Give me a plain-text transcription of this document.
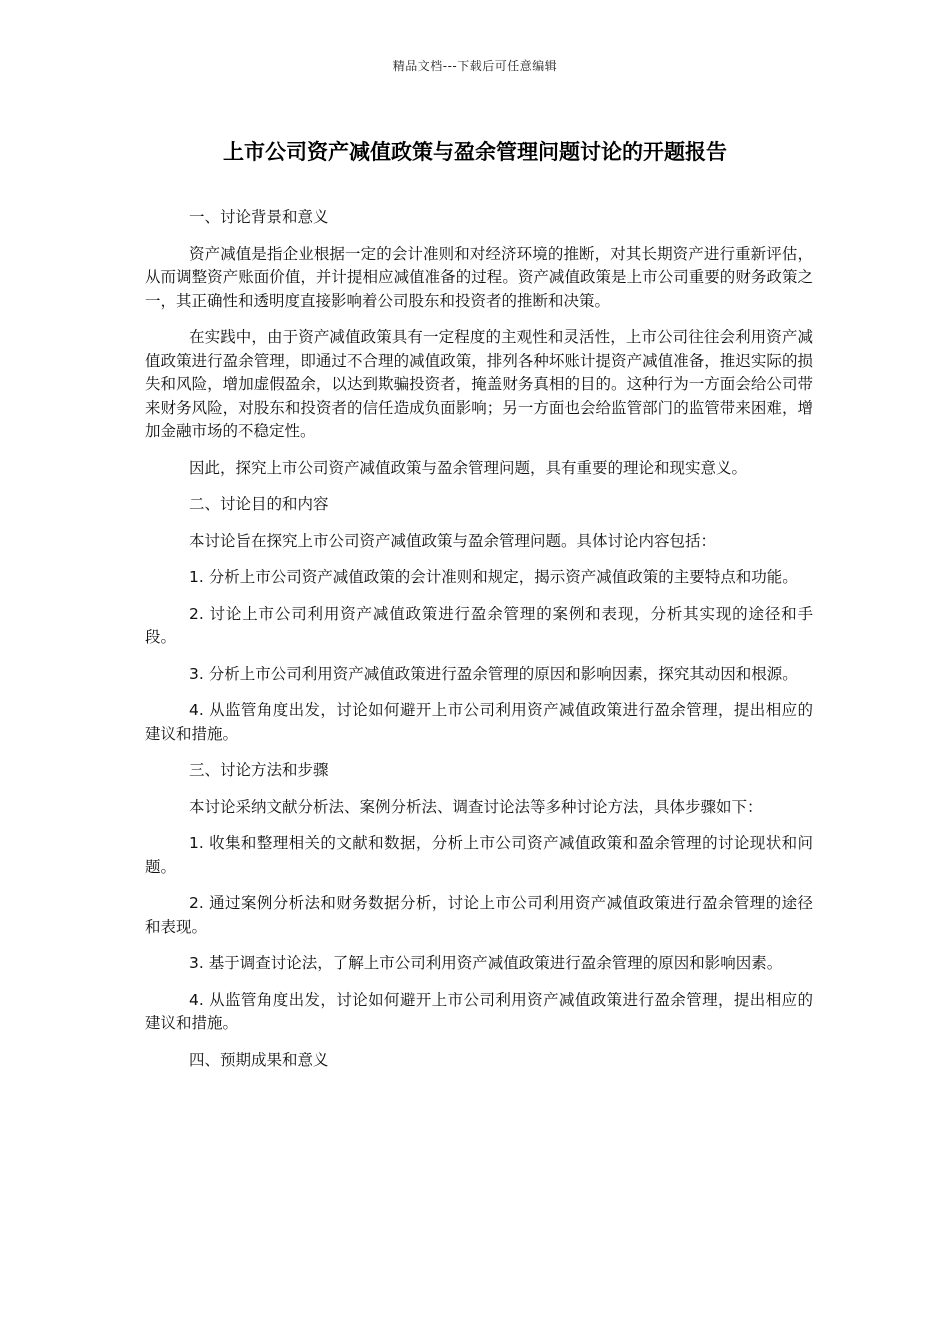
精品文档---下载后可任意编辑
上市公司资产减值政策与盈余管理问题讨论的开题报告

一、讨论背景和意义

资产减值是指企业根据一定的会计准则和对经济环境的推断，对其长期资产进行重新评估，从而调整资产账面价值，并计提相应减值准备的过程。资产减值政策是上市公司重要的财务政策之一，其正确性和透明度直接影响着公司股东和投资者的推断和决策。

在实践中，由于资产减值政策具有一定程度的主观性和灵活性，上市公司往往会利用资产减值政策进行盈余管理，即通过不合理的减值政策，排列各种坏账计提资产减值准备，推迟实际的损失和风险，增加虚假盈余，以达到欺骗投资者，掩盖财务真相的目的。这种行为一方面会给公司带来财务风险，对股东和投资者的信任造成负面影响；另一方面也会给监管部门的监管带来困难，增加金融市场的不稳定性。

因此，探究上市公司资产减值政策与盈余管理问题，具有重要的理论和现实意义。

二、讨论目的和内容

本讨论旨在探究上市公司资产减值政策与盈余管理问题。具体讨论内容包括：

1. 分析上市公司资产减值政策的会计准则和规定，揭示资产减值政策的主要特点和功能。

2. 讨论上市公司利用资产减值政策进行盈余管理的案例和表现，分析其实现的途径和手段。

3. 分析上市公司利用资产减值政策进行盈余管理的原因和影响因素，探究其动因和根源。

4. 从监管角度出发，讨论如何避开上市公司利用资产减值政策进行盈余管理，提出相应的建议和措施。

三、讨论方法和步骤

本讨论采纳文献分析法、案例分析法、调查讨论法等多种讨论方法，具体步骤如下：

1. 收集和整理相关的文献和数据，分析上市公司资产减值政策和盈余管理的讨论现状和问题。

2. 通过案例分析法和财务数据分析，讨论上市公司利用资产减值政策进行盈余管理的途径和表现。

3. 基于调查讨论法，了解上市公司利用资产减值政策进行盈余管理的原因和影响因素。

4. 从监管角度出发，讨论如何避开上市公司利用资产减值政策进行盈余管理，提出相应的建议和措施。

四、预期成果和意义
